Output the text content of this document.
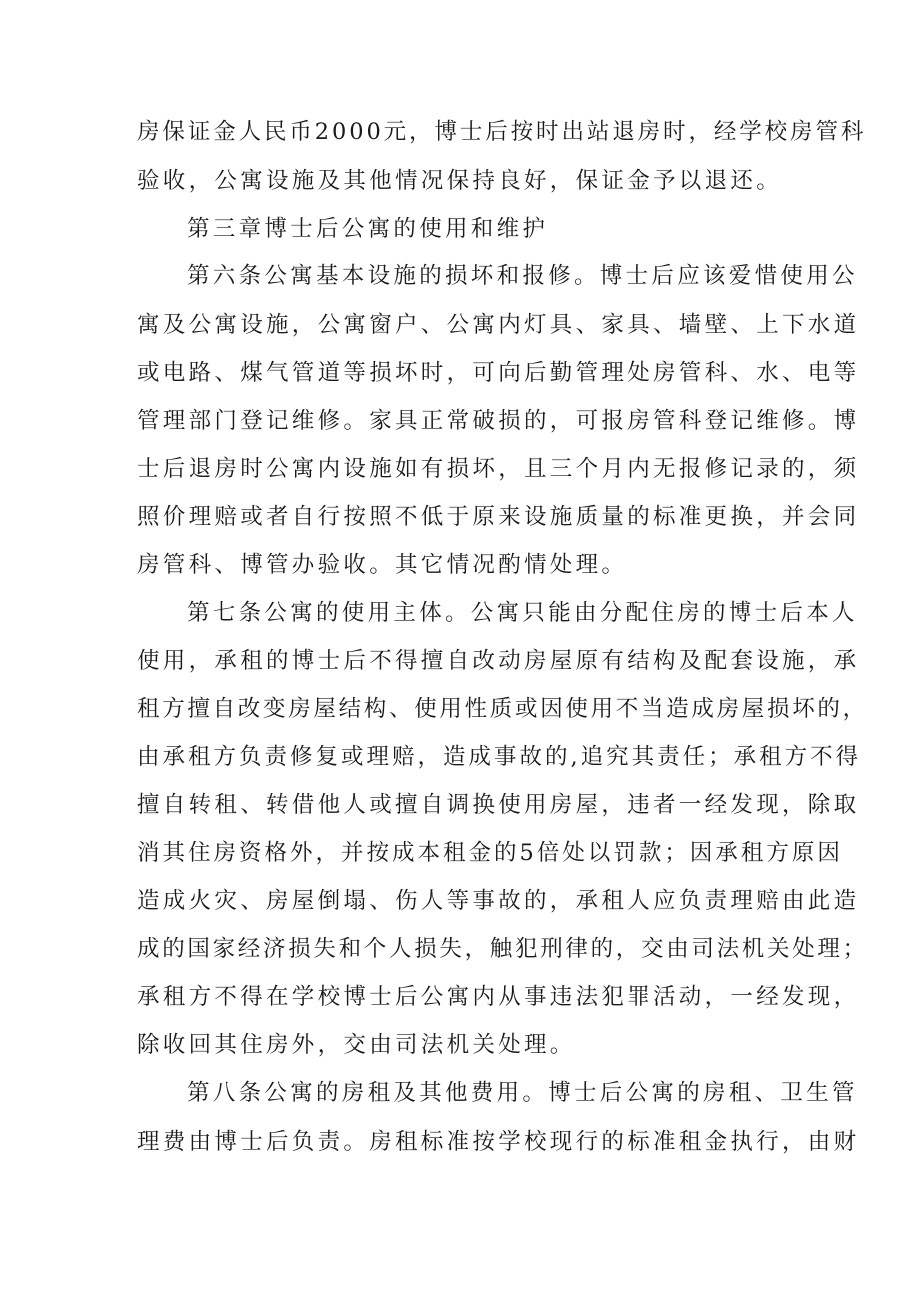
房保证金人民币2000元，博士后按时出站退房时，经学校房管科
验收，公寓设施及其他情况保持良好，保证金予以退还。
第三章博士后公寓的使用和维护
第六条公寓基本设施的损坏和报修。博士后应该爱惜使用公
寓及公寓设施，公寓窗户、公寓内灯具、家具、墙壁、上下水道
或电路、煤气管道等损坏时，可向后勤管理处房管科、水、电等
管理部门登记维修。家具正常破损的，可报房管科登记维修。博
士后退房时公寓内设施如有损坏，且三个月内无报修记录的，须
照价理赔或者自行按照不低于原来设施质量的标准更换，并会同
房管科、博管办验收。其它情况酌情处理。
第七条公寓的使用主体。公寓只能由分配住房的博士后本人
使用，承租的博士后不得擅自改动房屋原有结构及配套设施，承
租方擅自改变房屋结构、使用性质或因使用不当造成房屋损坏的，
由承租方负责修复或理赔，造成事故的,追究其责任；承租方不得
擅自转租、转借他人或擅自调换使用房屋，违者一经发现，除取
消其住房资格外，并按成本租金的5倍处以罚款；因承租方原因
造成火灾、房屋倒塌、伤人等事故的，承租人应负责理赔由此造
成的国家经济损失和个人损失，触犯刑律的，交由司法机关处理；
承租方不得在学校博士后公寓内从事违法犯罪活动，一经发现，
除收回其住房外，交由司法机关处理。
第八条公寓的房租及其他费用。博士后公寓的房租、卫生管
理费由博士后负责。房租标准按学校现行的标准租金执行，由财
